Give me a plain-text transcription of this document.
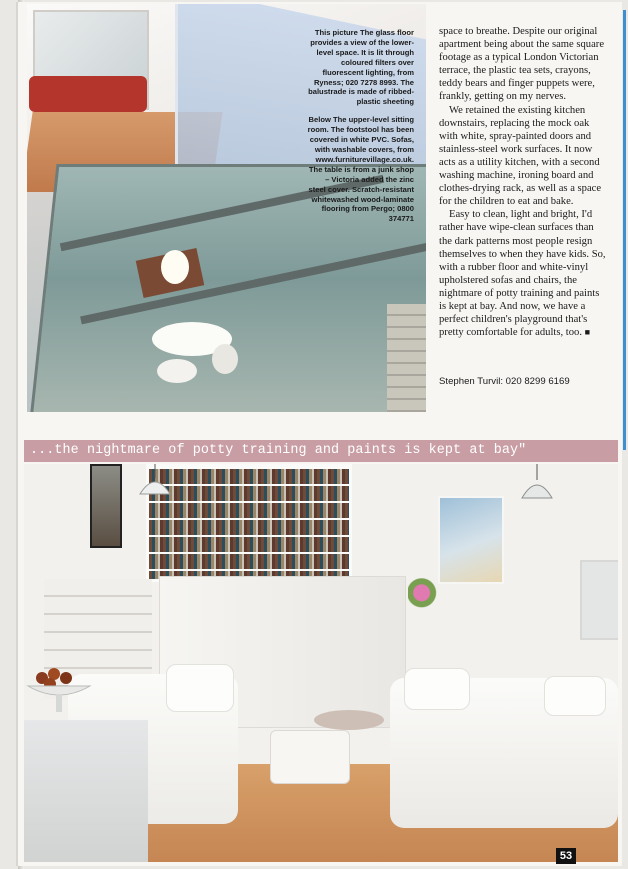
This picture The glass floor provides a view of the lower-level space. It is lit through coloured filters over fluorescent lighting, from Ryness; 020 7278 8993. The balustrade is made of ribbed-plastic sheeting

Below The upper-level sitting room. The footstool has been covered in white PVC. Sofas, with washable covers, from www.furniturevillage.co.uk. The table is from a junk shop – Victoria added the zinc steel cover. Scratch-resistant whitewashed wood-laminate flooring from Pergo; 0800 374771

space to breathe. Despite our original apartment being about the same square footage as a typical London Victorian terrace, the plastic tea sets, crayons, teddy bears and finger puppets were, frankly, getting on my nerves.

We retained the existing kitchen downstairs, replacing the mock oak with white, spray-painted doors and stainless-steel work surfaces. It now acts as a utility kitchen, with a second washing machine, ironing board and clothes-drying rack, as well as a space for the children to eat and bake.

Easy to clean, light and bright, I'd rather have wipe-clean surfaces than the dark patterns most people resign themselves to when they have kids. So, with a rubber floor and white-vinyl upholstered sofas and chairs, the nightmare of potty training and paints is kept at bay. And now, we have a perfect children's playground that's pretty comfortable for adults, too. ■

Stephen Turvil: 020 8299 6169
...the nightmare of potty training and paints is kept at bay"
53
